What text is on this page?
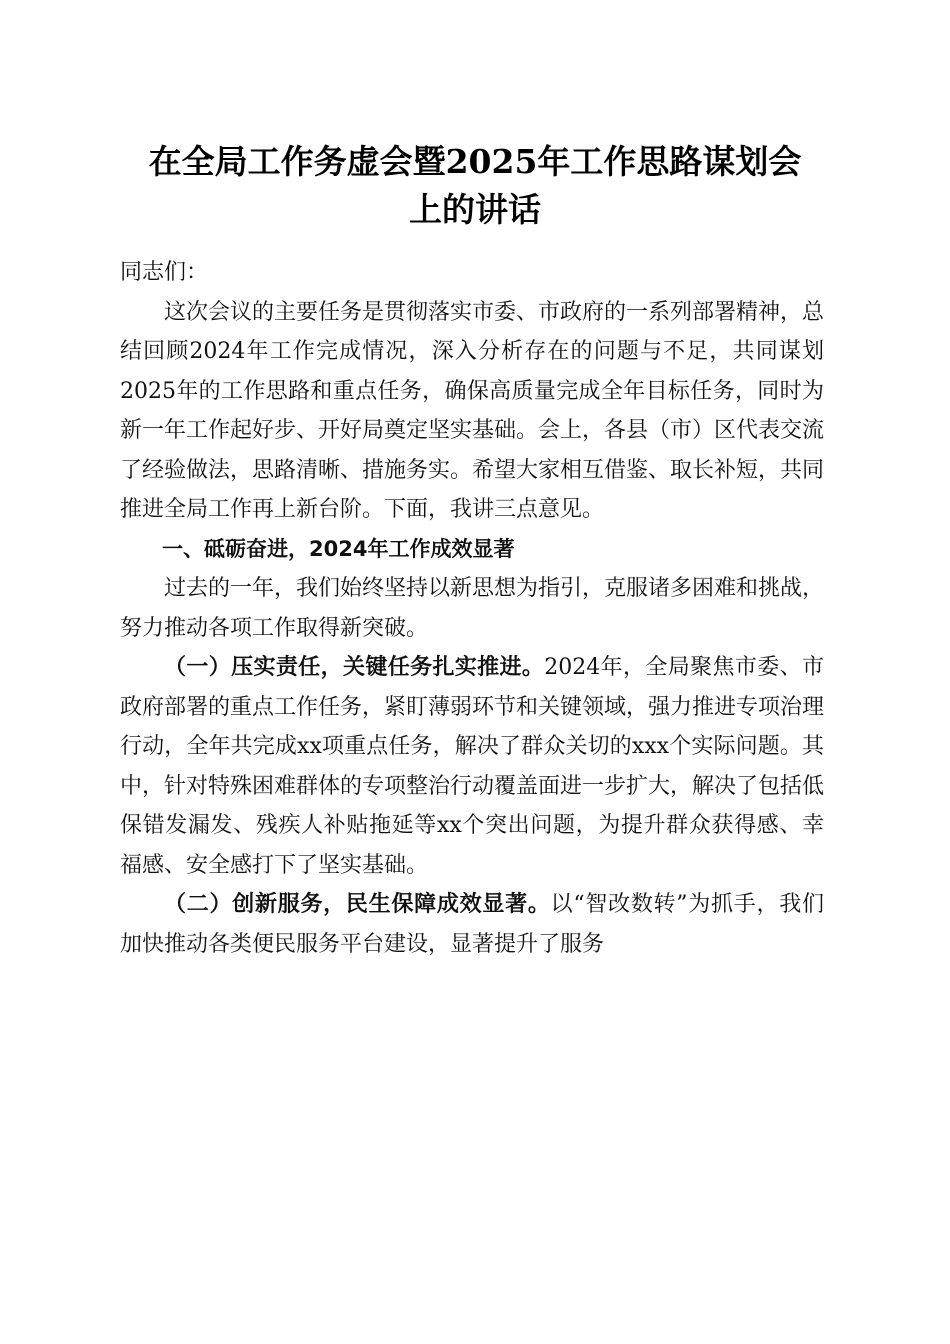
在全局工作务虚会暨2025年工作思路谋划会
上的讲话

同志们：

这次会议的主要任务是贯彻落实市委、市政府的一系列部署精神，总结回顾2024年工作完成情况，深入分析存在的问题与不足，共同谋划2025年的工作思路和重点任务，确保高质量完成全年目标任务，同时为新一年工作起好步、开好局奠定坚实基础。会上，各县（市）区代表交流了经验做法，思路清晰、措施务实。希望大家相互借鉴、取长补短，共同推进全局工作再上新台阶。下面，我讲三点意见。

一、砥砺奋进，2024年工作成效显著

过去的一年，我们始终坚持以新思想为指引，克服诸多困难和挑战，努力推动各项工作取得新突破。

（一）压实责任，关键任务扎实推进。2024年，全局聚焦市委、市政府部署的重点工作任务，紧盯薄弱环节和关键领域，强力推进专项治理行动，全年共完成xx项重点任务，解决了群众关切的xxx个实际问题。其中，针对特殊困难群体的专项整治行动覆盖面进一步扩大，解决了包括低保错发漏发、残疾人补贴拖延等xx个突出问题，为提升群众获得感、幸福感、安全感打下了坚实基础。

（二）创新服务，民生保障成效显著。以“智改数转”为抓手，我们加快推动各类便民服务平台建设，显著提升了服务
